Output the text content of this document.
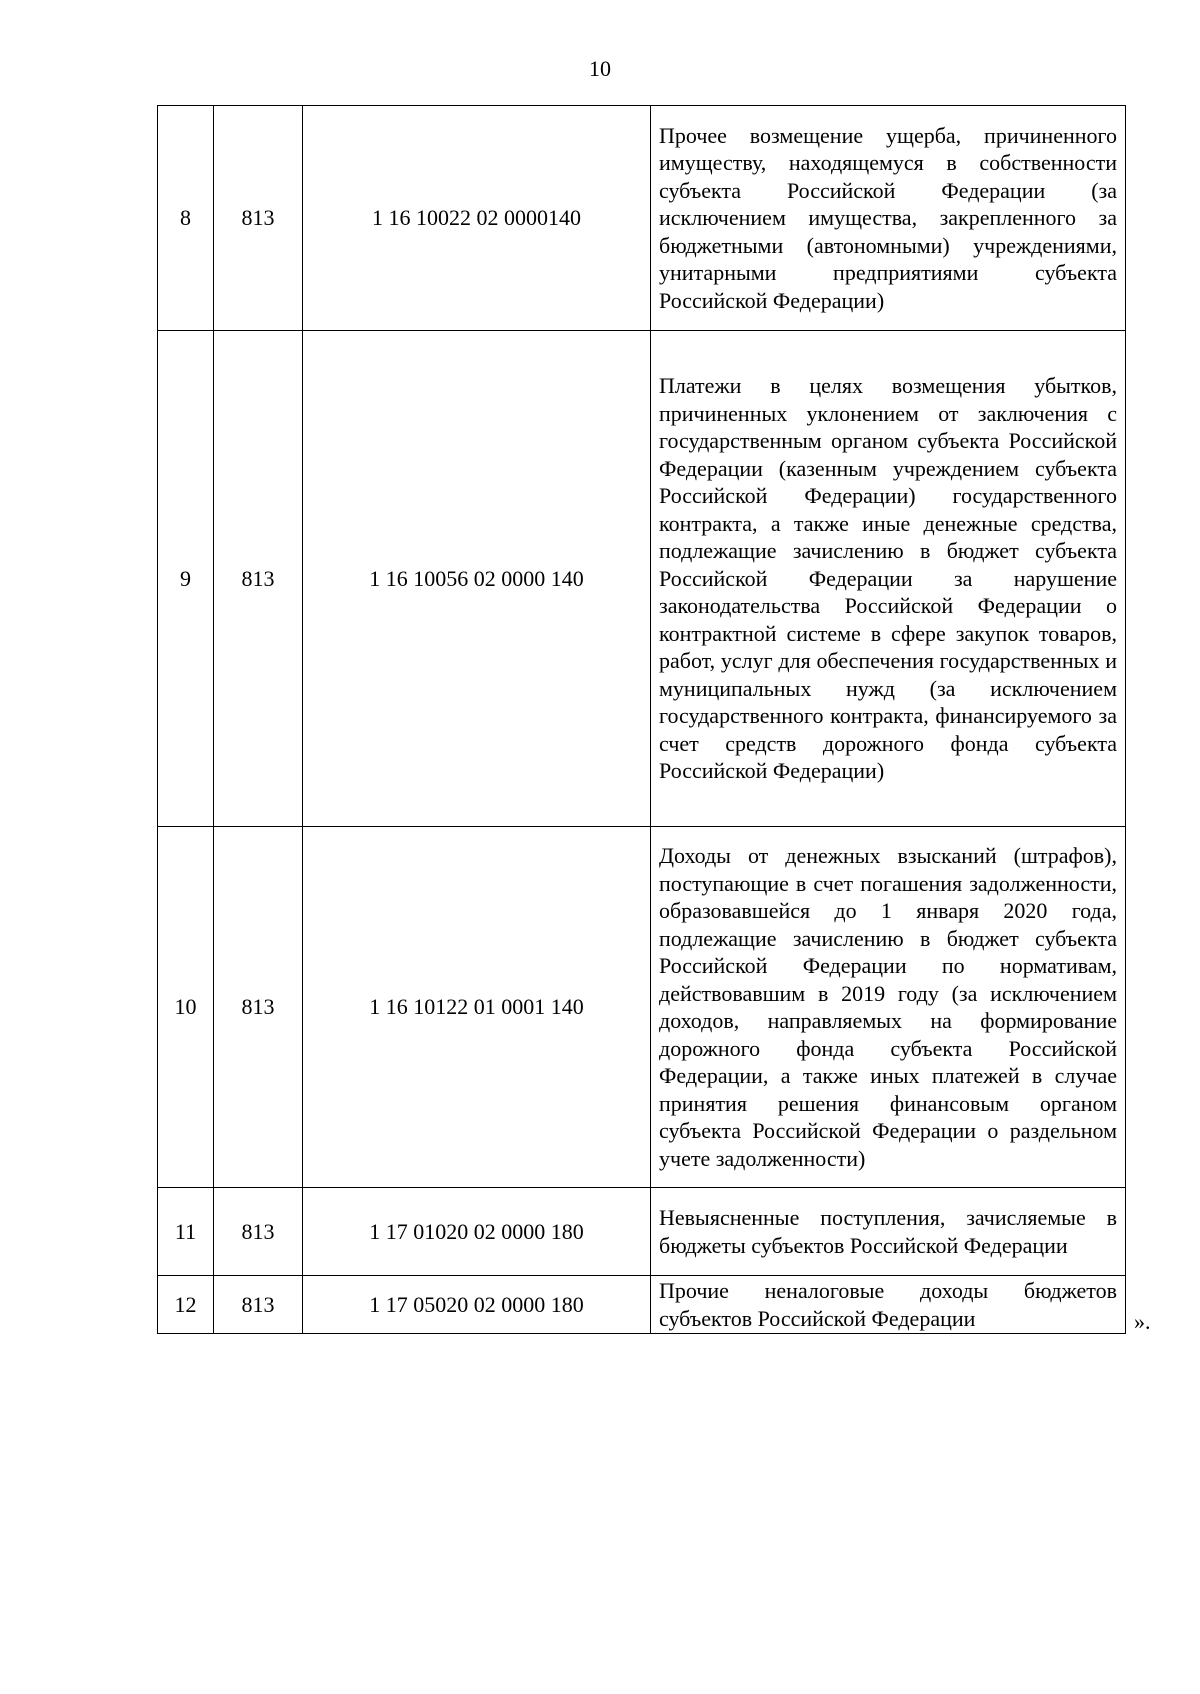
10
8	813	1 16 10022 02 0000140	Прочее возмещение ущерба, причиненного имуществу, находящемуся в собственности субъекта Российской Федерации (за исключением имущества, закрепленного за бюджетными (автономными) учреждениями, унитарными предприятиями субъекта Российской Федерации)
9	813	1 16 10056 02 0000 140	Платежи в целях возмещения убытков, причиненных уклонением от заключения с государственным органом субъекта Российской Федерации (казенным учреждением субъекта Российской Федерации) государственного контракта, а также иные денежные средства, подлежащие зачислению в бюджет субъекта Российской Федерации за нарушение законодательства Российской Федерации о контрактной системе в сфере закупок товаров, работ, услуг для обеспечения государственных и муниципальных нужд (за исключением государственного контракта, финансируемого за счет средств дорожного фонда субъекта Российской Федерации)
10	813	1 16 10122 01 0001 140	Доходы от денежных взысканий (штрафов), поступающие в счет погашения задолженности, образовавшейся до 1 января 2020 года, подлежащие зачислению в бюджет субъекта Российской Федерации по нормативам, действовавшим в 2019 году (за исключением доходов, направляемых на формирование дорожного фонда субъекта Российской Федерации, а также иных платежей в случае принятия решения финансовым органом субъекта Российской Федерации о раздельном учете задолженности)
11	813	1 17 01020 02 0000 180	Невыясненные поступления, зачисляемые в бюджеты субъектов Российской Федерации
12	813	1 17 05020 02 0000 180	Прочие неналоговые доходы бюджетов субъектов Российской Федерации	».
